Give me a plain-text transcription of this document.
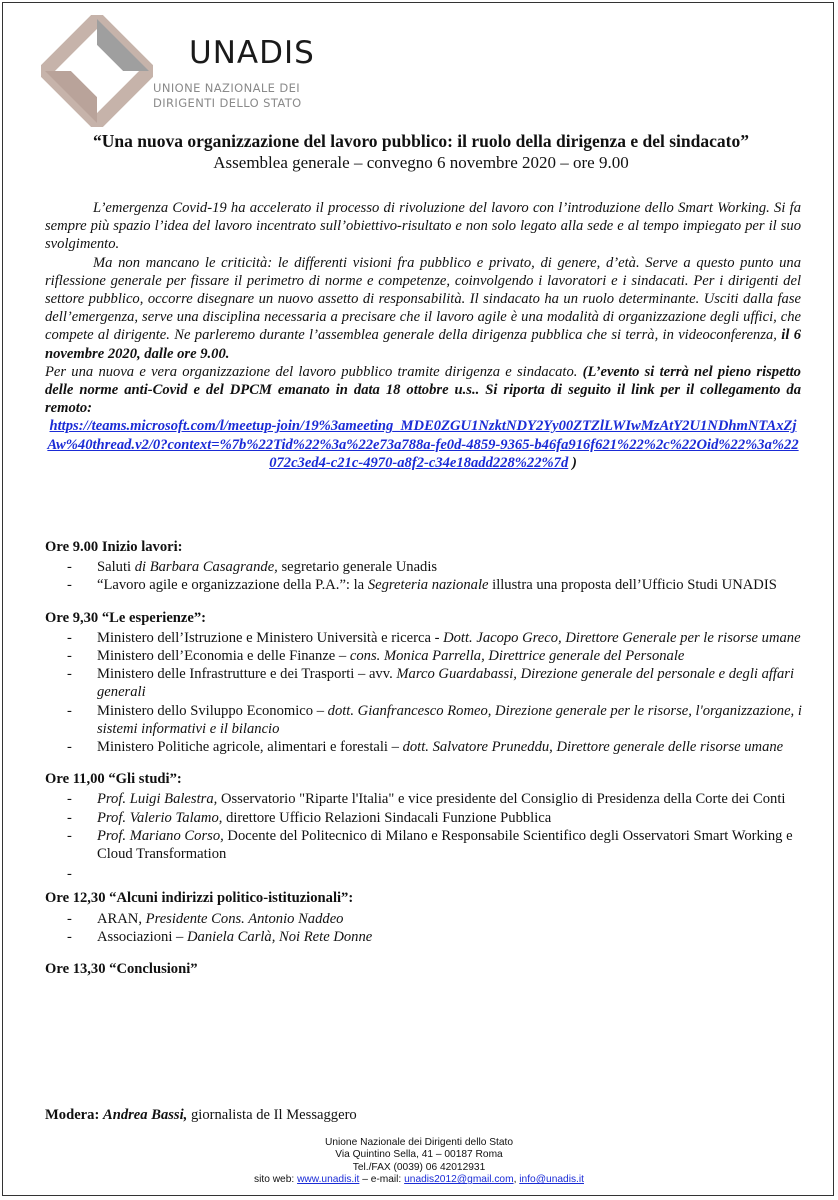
UNADIS
UNIONE NAZIONALE DEI
DIRIGENTI DELLO STATO
“Una nuova organizzazione del lavoro pubblico: il ruolo della dirigenza e del sindacato”
Assemblea generale – convegno 6 novembre 2020 – ore 9.00

L’emergenza Covid-19 ha accelerato il processo di rivoluzione del lavoro con l’introduzione dello Smart Working. Si fa sempre più spazio l’idea del lavoro incentrato sull’obiettivo-risultato e non solo legato alla sede e al tempo impiegato per il suo svolgimento.

Ma non mancano le criticità: le differenti visioni fra pubblico e privato, di genere, d’età. Serve a questo punto una riflessione generale per fissare il perimetro di norme e competenze, coinvolgendo i lavoratori e i sindacati. Per i dirigenti del settore pubblico, occorre disegnare un nuovo assetto di responsabilità. Il sindacato ha un ruolo determinante. Usciti dalla fase dell’emergenza, serve una disciplina necessaria a precisare che il lavoro agile è una modalità di organizzazione degli uffici, che compete al dirigente. Ne parleremo durante l’assemblea generale della dirigenza pubblica che si terrà, in videoconferenza, il 6 novembre 2020, dalle ore 9.00.

Per una nuova e vera organizzazione del lavoro pubblico tramite dirigenza e sindacato. (L’evento si terrà nel pieno rispetto delle norme anti-Covid e del DPCM emanato in data 18 ottobre u.s.. Si riporta di seguito il link per il collegamento da remoto:

https://teams.microsoft.com/l/meetup-join/19%3ameeting_MDE0ZGU1NzktNDY2Yy00ZTZlLWIwMzAtY2U1NDhmNTAxZjAw%40thread.v2/0?context=%7b%22Tid%22%3a%22e73a788a-fe0d-4859-9365-b46fa916f621%22%2c%22Oid%22%3a%22072c3ed4-c21c-4970-a8f2-c34e18add228%22%7d )

Ore 9.00 Inizio lavori:
- Saluti di Barbara Casagrande, segretario generale Unadis
- “Lavoro agile e organizzazione della P.A.”: la Segreteria nazionale illustra una proposta dell’Ufficio Studi UNADIS
Ore 9,30 “Le esperienze”:
- Ministero dell’Istruzione e Ministero Università e ricerca - Dott. Jacopo Greco, Direttore Generale per le risorse umane
- Ministero dell’Economia e delle Finanze – cons. Monica Parrella, Direttrice generale del Personale
- Ministero delle Infrastrutture e dei Trasporti – avv. Marco Guardabassi, Direzione generale del personale e degli affari generali
- Ministero dello Sviluppo Economico – dott. Gianfrancesco Romeo, Direzione generale per le risorse, l'organizzazione, i sistemi informativi e il bilancio
- Ministero Politiche agricole, alimentari e forestali – dott. Salvatore Pruneddu, Direttore generale delle risorse umane
Ore 11,00 “Gli studi”:
- Prof. Luigi Balestra, Osservatorio "Riparte l'Italia" e vice presidente del Consiglio di Presidenza della Corte dei Conti
- Prof. Valerio Talamo, direttore Ufficio Relazioni Sindacali Funzione Pubblica
- Prof. Mariano Corso, Docente del Politecnico di Milano e Responsabile Scientifico degli Osservatori Smart Working e Cloud Transformation
-
Ore 12,30 “Alcuni indirizzi politico-istituzionali”:
- ARAN, Presidente Cons. Antonio Naddeo
- Associazioni – Daniela Carlà, Noi Rete Donne
Ore 13,30 “Conclusioni”
Modera: Andrea Bassi, giornalista de Il Messaggero
Unione Nazionale dei Dirigenti dello Stato
Via Quintino Sella, 41 – 00187 Roma
Tel./FAX (0039) 06 42012931
sito web: www.unadis.it – e-mail: unadis2012@gmail.com, info@unadis.it
